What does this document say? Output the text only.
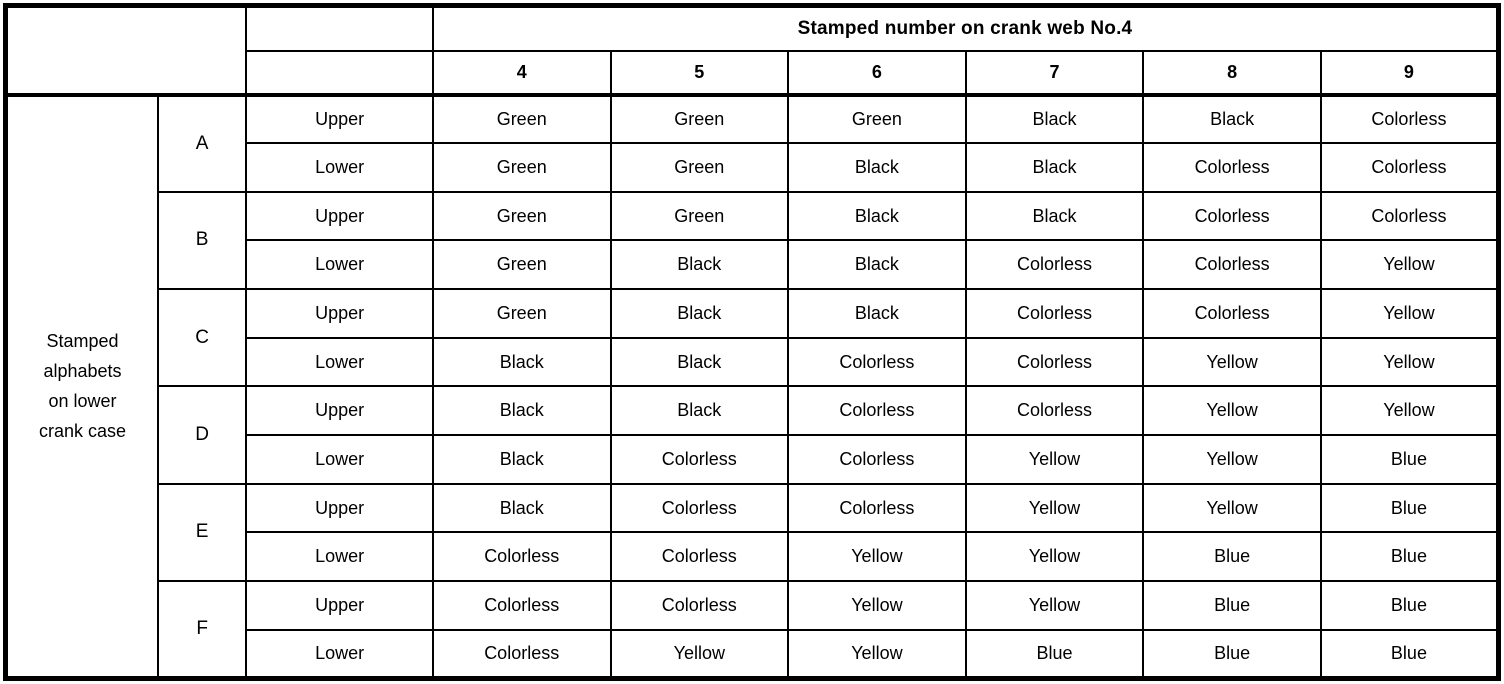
			Stamped number on crank web No.4					
			4	5	6	7	8	9
Stamped
alphabets
on lower
crank case	A	Upper	Green	Green	Green	Black	Black	Colorless
		Lower	Green	Green	Black	Black	Colorless	Colorless
	B	Upper	Green	Green	Black	Black	Colorless	Colorless
		Lower	Green	Black	Black	Colorless	Colorless	Yellow
	C	Upper	Green	Black	Black	Colorless	Colorless	Yellow
		Lower	Black	Black	Colorless	Colorless	Yellow	Yellow
	D	Upper	Black	Black	Colorless	Colorless	Yellow	Yellow
		Lower	Black	Colorless	Colorless	Yellow	Yellow	Blue
	E	Upper	Black	Colorless	Colorless	Yellow	Yellow	Blue
		Lower	Colorless	Colorless	Yellow	Yellow	Blue	Blue
	F	Upper	Colorless	Colorless	Yellow	Yellow	Blue	Blue
		Lower	Colorless	Yellow	Yellow	Blue	Blue	Blue
